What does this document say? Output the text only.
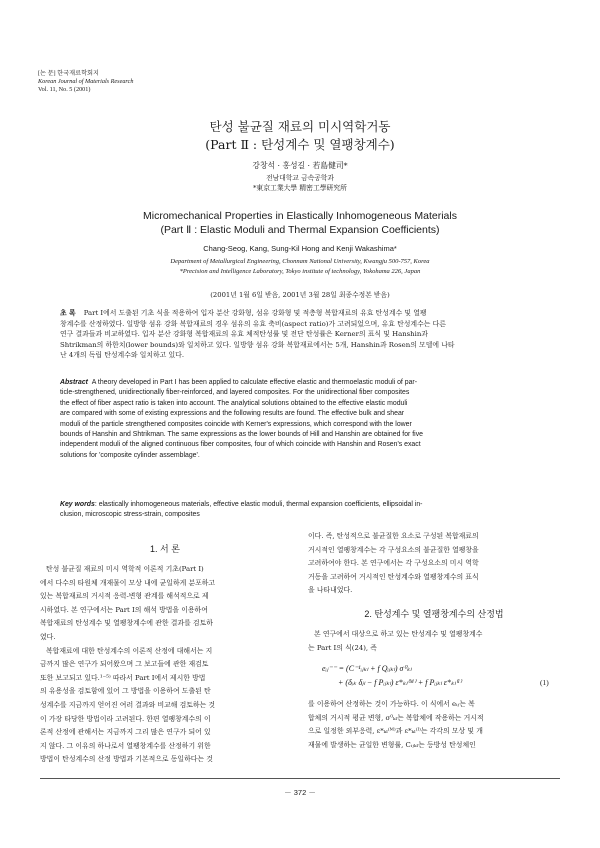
[논 문] 한국재료학회지
Korean Journal of Materials Research
Vol. 11, No. 5 (2001)
탄성 불균질 재료의 미시역학거동
(Part Ⅱ : 탄성계수 및 열팽창계수)
강창석 · 홍성길 · 若島健司*
전남대학교 금속공학과
*東京工業大學 精密工學硏究所
Micromechanical Properties in Elastically Inhomogeneous Materials
(Part Ⅱ : Elastic Moduli and Thermal Expansion Coefficients)
Chang-Seog, Kang, Sung-Kil Hong and Kenji Wakashima*
Department of Metallurgical Engineering, Chonnam National University, Kwangju 500-757, Korea
*Precision and Intelligence Laboratory, Tokyo institute of technology, Yokohama 226, Japan
(2001년 1월 6일 받음, 2001년 3월 28일 최종수정본 받음)
초 록 Part Ⅰ에서 도출된 기초 식을 적용하여 입자 분산 강화형, 섬유 강화형 및 적층형 복합재료의 유효 탄성계수 및 열팽
창계수를 산정하였다. 일방향 섬유 강화 복합재료의 경우 섬유의 유효 축비(aspect ratio)가 고려되었으며, 유효 탄성계수는 다른
연구 결과들과 비교하였다. 입자 분산 강화형 복합재료의 유효 체적탄성률 및 전단 탄성률은 Kerner의 표식 및 Hanshin과
Shtrikman의 하한치(lower bounds)와 일치하고 있다. 일방향 섬유 강화 복합재료에서는 5개, Hanshin과 Rosen의 모델에 나타
난 4개의 독립 탄성계수와 일치하고 있다.
Abstract A theory developed in Part Ⅰ has been applied to calculate effective elastic and thermoelastic moduli of par-
ticle-strengthened, unidirectionally fiber-reinforced, and layered composites. For the unidirectional fiber composites
the effect of fiber aspect ratio is taken into account. The analytical solutions obtained to the effective elastic moduli
are compared with some of existing expressions and the following results are found. The effective bulk and shear
moduli of the particle strengthened composites coincide with Kerner's expressions, which correspond with the lower
bounds of Hanshin and Shtrikman. The same expressions as the lower bounds of Hill and Hanshin are obtained for five
independent moduli of the aligned continuous fiber composites, four of which coincide with Hanshin and Rosen's exact
solutions for 'composite cylinder assemblage'.
Key words: elastically inhomogeneous materials, effective elastic moduli, thermal expansion coefficients, ellipsoidal in-
clusion, microscopic stress-strain, composites
1. 서 론
탄성 불균질 재료의 미시 역학적 이론적 기초(Part Ⅰ)
에서 다수의 타원체 개재물이 모상 내에 균일하게 분포하고
있는 복합재료의 거시적 응력-변형 관계를 해석적으로 제
시하였다. 본 연구에서는 Part Ⅰ의 해석 방법을 이용하여
복합재료의 탄성계수 및 열팽창계수에 관한 결과를 검토하
였다.
복합재료에 대한 탄성계수의 이론적 산정에 대해서는 지
금까지 많은 연구가 되어왔으며 그 보고들에 관한 재검토
또한 보고되고 있다.¹⁻⁵⁾ 따라서 Part Ⅰ에서 제시한 방법
의 유용성을 검토함에 있어 그 방법을 이용하여 도출된 탄
성계수를 지금까지 얻어진 여러 결과와 비교해 검토하는 것
이 가장 타당한 방법이라 고려된다. 한편 열팽창계수의 이
론적 산정에 관해서는 지금까지 그리 많은 연구가 되어 있
지 않다. 그 이유의 하나로서 열팽창계수를 산정하기 위한
방법이 탄성계수의 산정 방법과 기본적으로 동일하다는 것
이다. 즉, 탄성적으로 불균질한 요소로 구성된 복합재료의
거시적인 열팽창계수는 각 구성요소의 불균질한 열팽창을
고려하여야 한다. 본 연구에서는 각 구성요소의 미시 역학
거동을 고려하여 거시적인 탄성계수와 열팽창계수의 표식
을 나타내었다.
2. 탄성계수 및 열팽창계수의 산정법
본 연구에서 대상으로 하고 있는 탄성계수 및 열팽창계수
는 Part Ⅰ의 식(24), 즉
eᵢⱼ⁻⁻ = (C⁻¹ᵢⱼₖₗ + f Qᵢⱼₖₗ) σ⁰ₖₗ
+ (δᵢₖ δⱼₗ − f Pᵢⱼₖₗ) ε*ₖₗ⁽ᴹ⁾ + f Pᵢⱼₖₗ ε*ₖₗ⁽ᴵ⁾	(1)
를 이용하여 산정하는 것이 가능하다. 이 식에서 eᵢⱼ는 복
합체의 거시적 평균 변형, σ⁰ₖₗ는 복합체에 작용하는 거시적
으로 일정한 외부응력, ε*ₖₗ⁽ᴹ⁾과 ε*ₖₗ⁽ᴵ⁾는 각각의 모상 및 개
재물에 발생하는 균일한 변형률, Cᵢⱼₖₗ는 등방성 탄성체인
－ 372 －
